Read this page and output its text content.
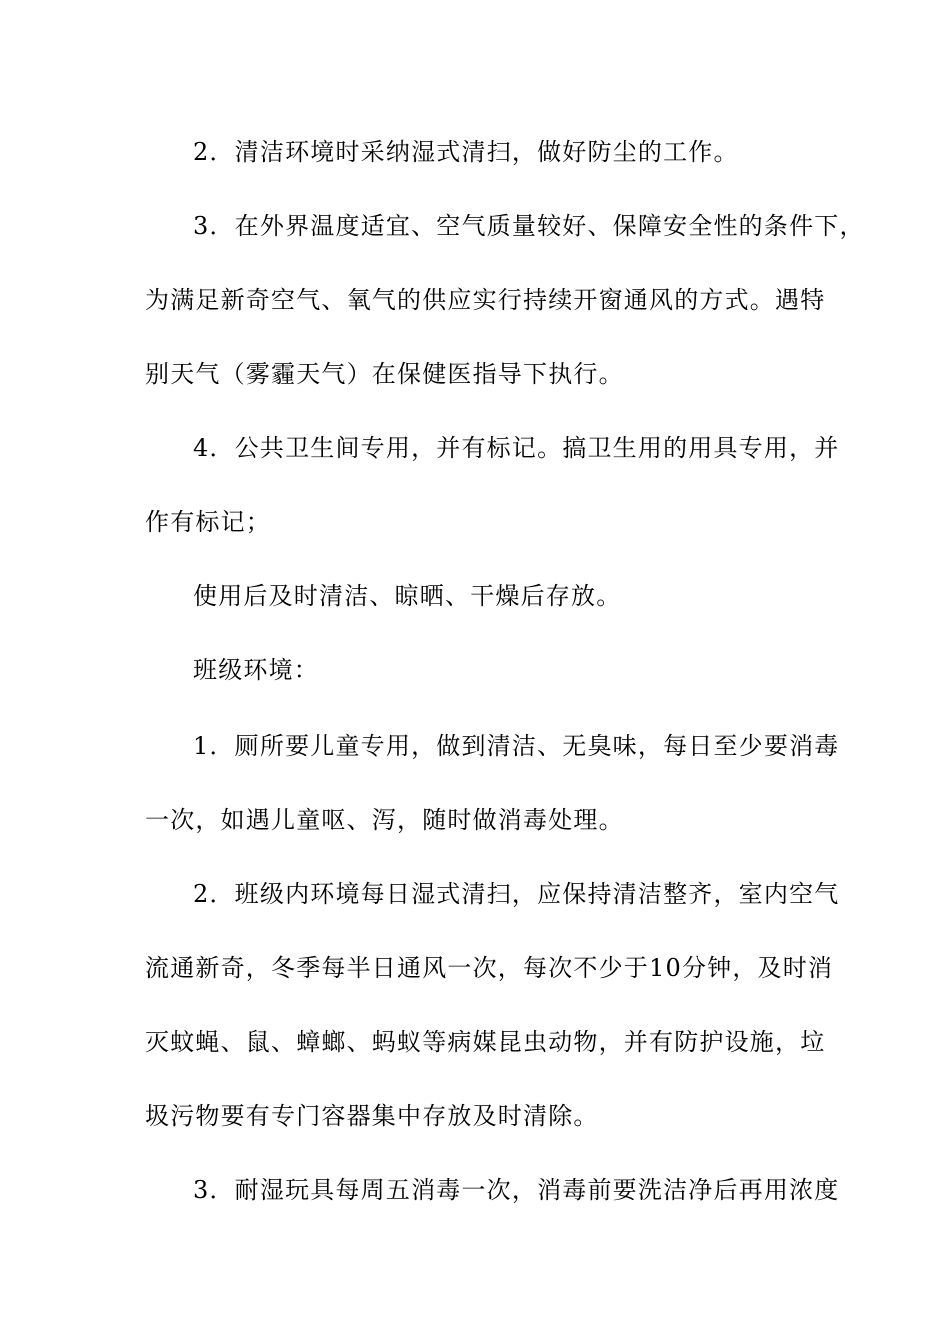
2．清洁环境时采纳湿式清扫，做好防尘的工作。
3．在外界温度适宜、空气质量较好、保障安全性的条件下，
为满足新奇空气、氧气的供应实行持续开窗通风的方式。遇特
别天气（雾霾天气）在保健医指导下执行。
4．公共卫生间专用，并有标记。搞卫生用的用具专用，并
作有标记；
使用后及时清洁、晾晒、干燥后存放。
班级环境：
1．厕所要儿童专用，做到清洁、无臭味，每日至少要消毒
一次，如遇儿童呕、泻，随时做消毒处理。
2．班级内环境每日湿式清扫，应保持清洁整齐，室内空气
流通新奇，冬季每半日通风一次，每次不少于10分钟，及时消
灭蚊蝇、鼠、蟑螂、蚂蚁等病媒昆虫动物，并有防护设施，垃
圾污物要有专门容器集中存放及时清除。
3．耐湿玩具每周五消毒一次，消毒前要洗洁净后再用浓度
